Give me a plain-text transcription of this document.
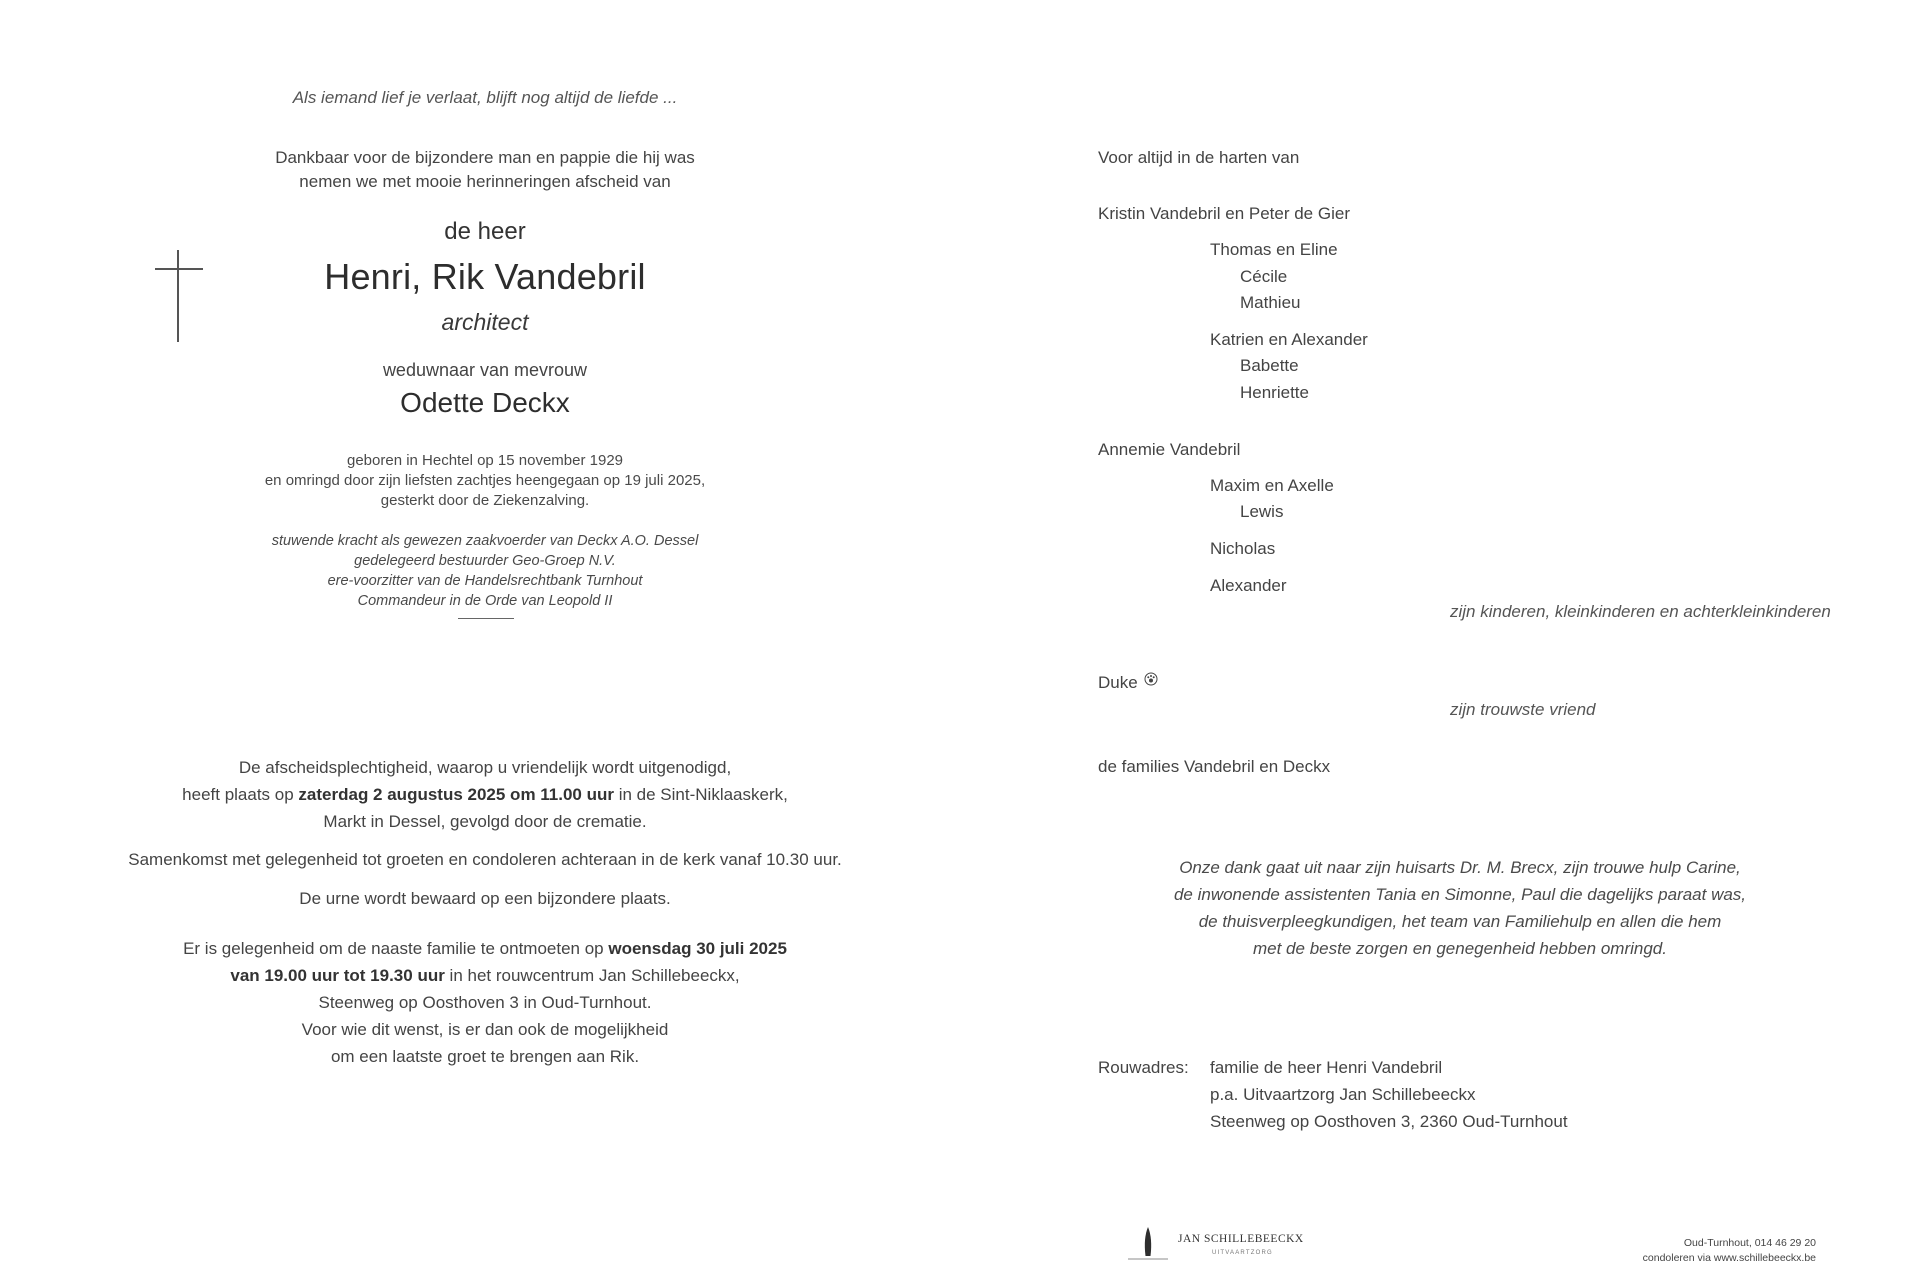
Als iemand lief je verlaat, blijft nog altijd de liefde ...
Dankbaar voor de bijzondere man en pappie die hij was
nemen we met mooie herinneringen afscheid van
de heer
Henri, Rik Vandebril
architect
weduwnaar van mevrouw
Odette Deckx
geboren in Hechtel op 15 november 1929
en omringd door zijn liefsten zachtjes heengegaan op 19 juli 2025,
gesterkt door de Ziekenzalving.
stuwende kracht als gewezen zaakvoerder van Deckx A.O. Dessel
gedelegeerd bestuurder Geo-Groep N.V.
ere-voorzitter van de Handelsrechtbank Turnhout
Commandeur in de Orde van Leopold II
De afscheidsplechtigheid, waarop u vriendelijk wordt uitgenodigd,
heeft plaats op zaterdag 2 augustus 2025 om 11.00 uur in de Sint-Niklaaskerk,
Markt in Dessel, gevolgd door de crematie.
Samenkomst met gelegenheid tot groeten en condoleren achteraan in de kerk vanaf 10.30 uur.
De urne wordt bewaard op een bijzondere plaats.
Er is gelegenheid om de naaste familie te ontmoeten op woensdag 30 juli 2025
van 19.00 uur tot 19.30 uur in het rouwcentrum Jan Schillebeeckx,
Steenweg op Oosthoven 3 in Oud-Turnhout.
Voor wie dit wenst, is er dan ook de mogelijkheid
om een laatste groet te brengen aan Rik.
Voor altijd in de harten van
Kristin Vandebril en Peter de Gier
Thomas en Eline
Cécile
Mathieu
Katrien en Alexander
Babette
Henriette
Annemie Vandebril
Maxim en Axelle
Lewis
Nicholas
Alexander
zijn kinderen, kleinkinderen en achterkleinkinderen
Duke
zijn trouwste vriend
de families Vandebril en Deckx
Onze dank gaat uit naar zijn huisarts Dr. M. Brecx, zijn trouwe hulp Carine,
de inwonende assistenten Tania en Simonne, Paul die dagelijks paraat was,
de thuisverpleegkundigen, het team van Familiehulp en allen die hem
met de beste zorgen en genegenheid hebben omringd.
Rouwadres: familie de heer Henri Vandebril
p.a. Uitvaartzorg Jan Schillebeeckx
Steenweg op Oosthoven 3, 2360 Oud-Turnhout
JAN SCHILLEBEECKX
UITVAARTZORG
Oud-Turnhout, 014 46 29 20
condoleren via www.schillebeeckx.be
